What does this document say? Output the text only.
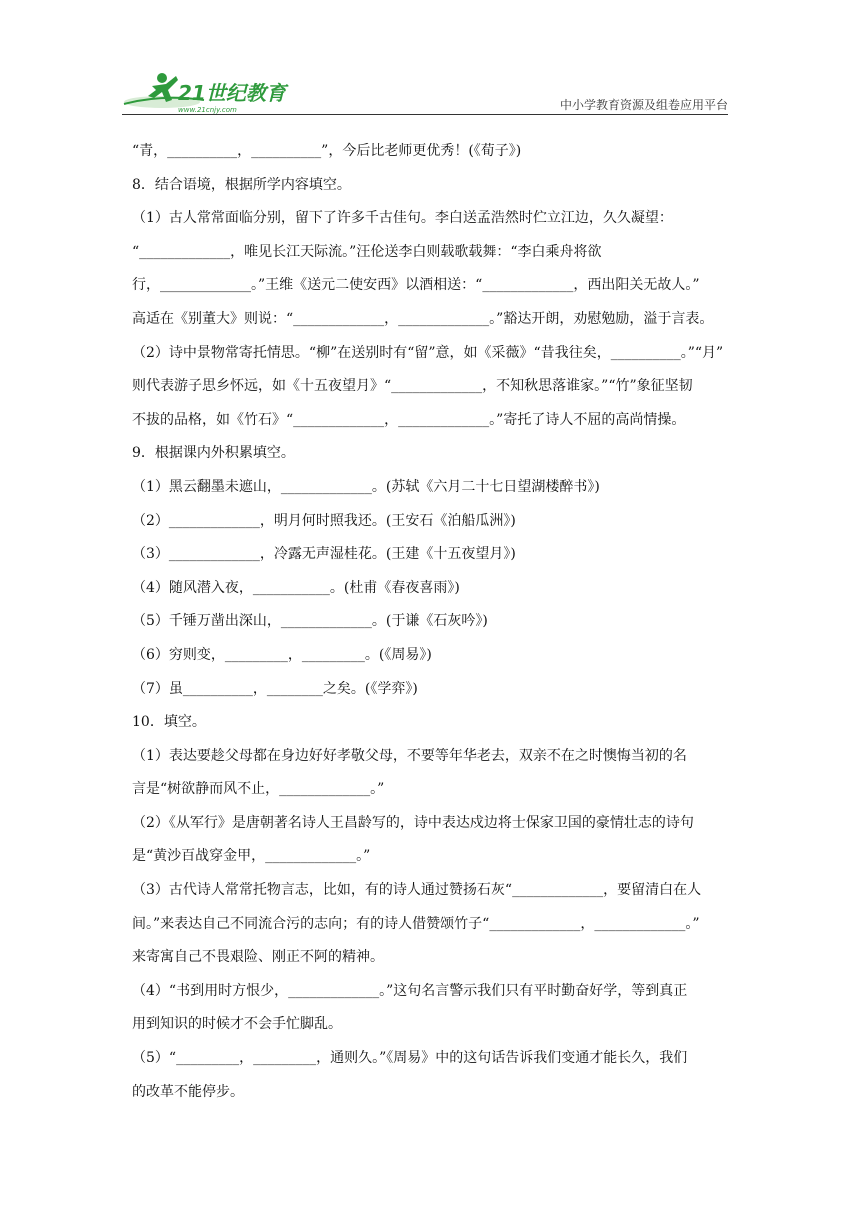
21世纪教育
www.21cnjy.com	中小学教育资源及组卷应用平台
“青，__________，__________”，今后比老师更优秀！(《荀子》)
8．结合语境，根据所学内容填空。
（1）古人常常面临分别，留下了许多千古佳句。李白送孟浩然时伫立江边，久久凝望：
“_____________，唯见长江天际流。”汪伦送李白则载歌载舞：“李白乘舟将欲
行，_____________。”王维《送元二使安西》以酒相送：“_____________，西出阳关无故人。”
高适在《别董大》则说：“_____________，_____________。”豁达开朗，劝慰勉励，溢于言表。
（2）诗中景物常寄托情思。“柳”在送别时有“留”意，如《采薇》“昔我往矣，__________。”“月”
则代表游子思乡怀远，如《十五夜望月》“_____________，不知秋思落谁家。”“竹”象征坚韧
不拔的品格，如《竹石》“_____________，_____________。”寄托了诗人不屈的高尚情操。
9．根据课内外积累填空。
（1）黑云翻墨未遮山，_____________。(苏轼《六月二十七日望湖楼醉书》)
（2）_____________，明月何时照我还。(王安石《泊船瓜洲》)
（3）_____________，冷露无声湿桂花。(王建《十五夜望月》)
（4）随风潜入夜，___________。(杜甫《春夜喜雨》)
（5）千锤万凿出深山，_____________。(于谦《石灰吟》)
（6）穷则变，_________，_________。(《周易》)
（7）虽__________，________之矣。(《学弈》)
10．填空。
（1）表达要趁父母都在身边好好孝敬父母，不要等年华老去，双亲不在之时懊悔当初的名
言是“树欲静而风不止，_____________。”
（2）《从军行》是唐朝著名诗人王昌龄写的，诗中表达戍边将士保家卫国的豪情壮志的诗句
是“黄沙百战穿金甲，_____________。”
（3）古代诗人常常托物言志，比如，有的诗人通过赞扬石灰“_____________，要留清白在人
间。”来表达自己不同流合污的志向；有的诗人借赞颂竹子“_____________，_____________。”
来寄寓自己不畏艰险、刚正不阿的精神。
（4）“书到用时方恨少，_____________。”这句名言警示我们只有平时勤奋好学，等到真正
用到知识的时候才不会手忙脚乱。
（5）“_________，_________，通则久。”《周易》中的这句话告诉我们变通才能长久，我们
的改革不能停步。
